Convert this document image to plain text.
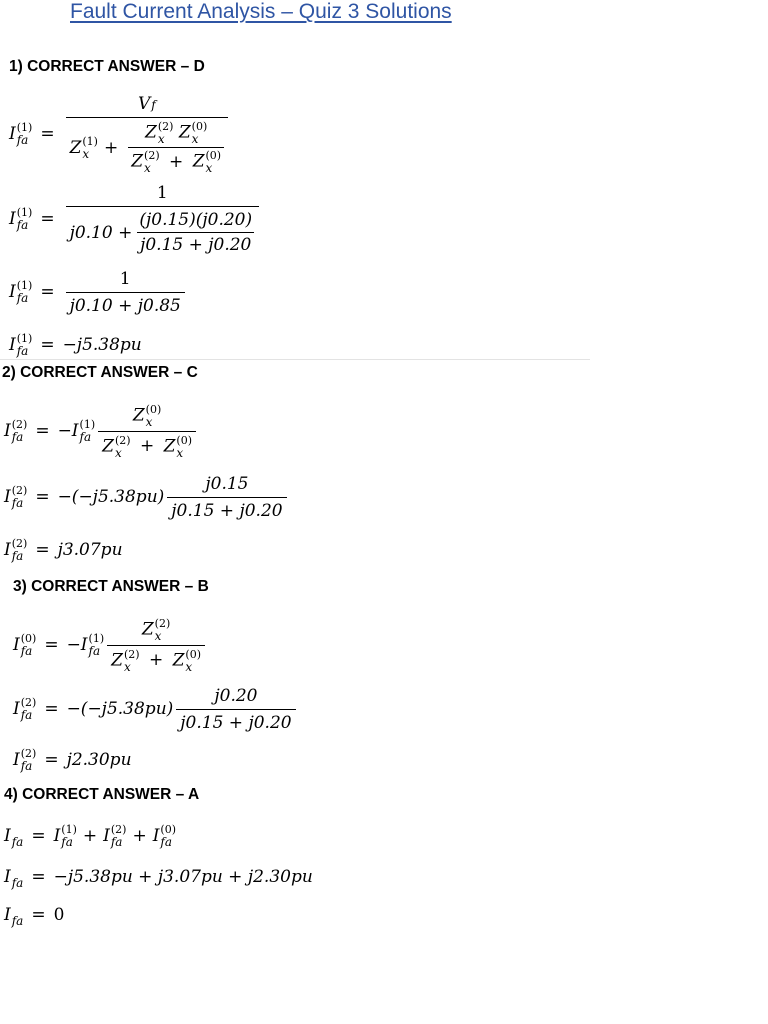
Fault Current Analysis – Quiz 3 Solutions
1) CORRECT ANSWER – D
I (1)
fa =
V f
Z (1)
x + Z (2)
x Z (0)
x
Z (2)
x	+ Z (0)
x
I (1)
fa = $\frac{1}{j0.10 + \frac{(j0.15)(j0.20)}{j0.15 + j0.20}}$
I (1)
fa = $\frac{1}{j0.10 + j0.85}$
I (1)
fa = −j5.38pu
2) CORRECT ANSWER – C
I (2)
fa = −I (1)
fa Z (0)
x
Z (2)
x	+ Z (0)
x
I (2)
fa = $-(-j5.38pu) \frac{j0.15}{j0.15 + j0.20}$
I (2)
fa = j3.07pu
3) CORRECT ANSWER – B
I (0)
fa = −I (1)
fa Z (2)
x
Z (2)
x	+ Z (0)
x
I (2)
fa = $-(-j5.38pu) \frac{j0.20}{j0.15 + j0.20}$
I (2)
fa = j2.30pu
4) CORRECT ANSWER – A
I fa = I (1)
fa + I (2)
fa + I (0)
fa
I fa = −j5.38pu + j3.07pu + j2.30pu
I fa = 0
